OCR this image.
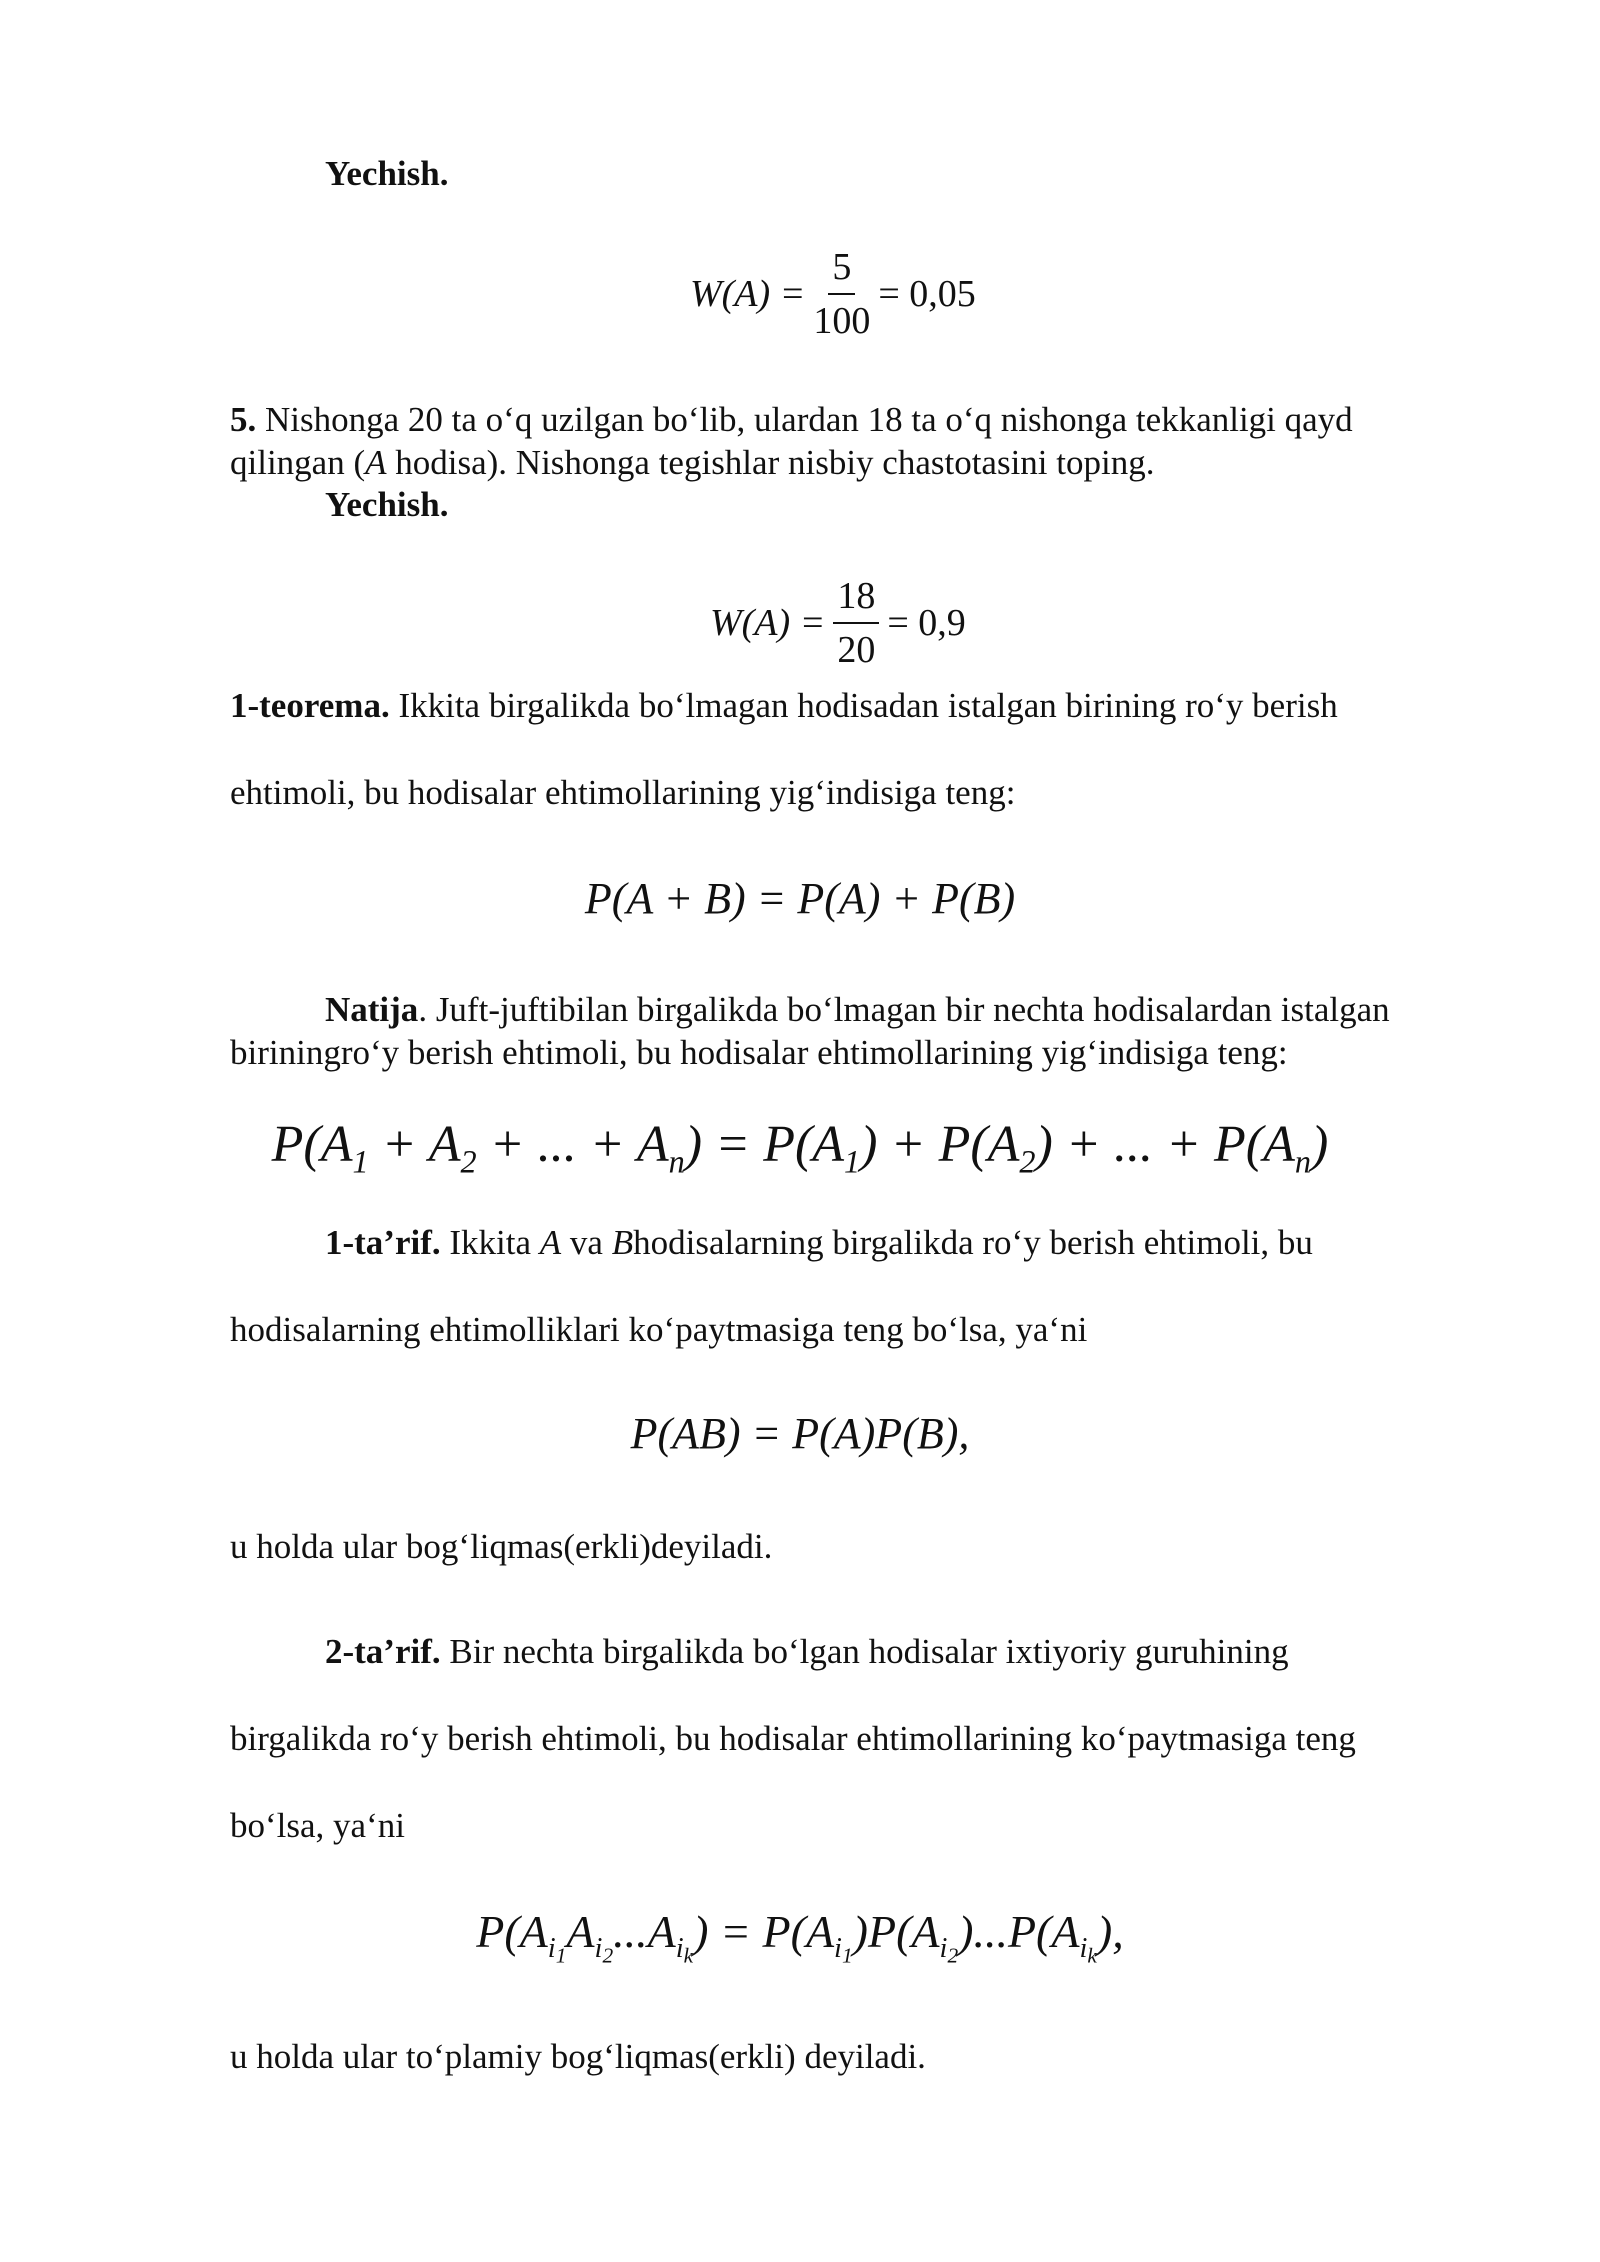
Yechish.
$W(A) = \frac{5}{100} = 0,05$
5. Nishonga 20 ta o‘q uzilgan bo‘lib, ulardan 18 ta o‘q nishonga tekkanligi qayd
qilingan (A hodisa). Nishonga tegishlar nisbiy chastotasini toping.
Yechish.
$W(A) = \frac{18}{20} = 0,9$
1-teorema. Ikkita birgalikda bo‘lmagan hodisadan istalgan birining ro‘y berish
ehtimoli, bu hodisalar ehtimollarining yig‘indisiga teng:
P(A + B) = P(A) + P(B)
Natija. Juft-juftibilan birgalikda bo‘lmagan bir nechta hodisalardan istalgan
biriningro‘y berish ehtimoli, bu hodisalar ehtimollarining yig‘indisiga teng:
$P(A_1 + A_2$ + ... + $A_n) = P(A_1) + P(A_2)$ + ... + $P(A_n)$
1-ta’rif. Ikkita A va Bhodisalarning birgalikda ro‘y berish ehtimoli, bu
hodisalarning ehtimolliklari ko‘paytmasiga teng bo‘lsa, ya‘ni
P(AB) = P(A)P(B),
u holda ular bog‘liqmas(erkli)deyiladi.
2-ta’rif. Bir nechta birgalikda bo‘lgan hodisalar ixtiyoriy guruhining
birgalikda ro‘y berish ehtimoli, bu hodisalar ehtimollarining ko‘paytmasiga teng
bo‘lsa, ya‘ni
$P(A_{i_1}A_{i_2}...A_{i_k}) = P(A_{i_1})P(A_{i_2})...P(A_{i_k})$,
u holda ular to‘plamiy bog‘liqmas(erkli) deyiladi.
